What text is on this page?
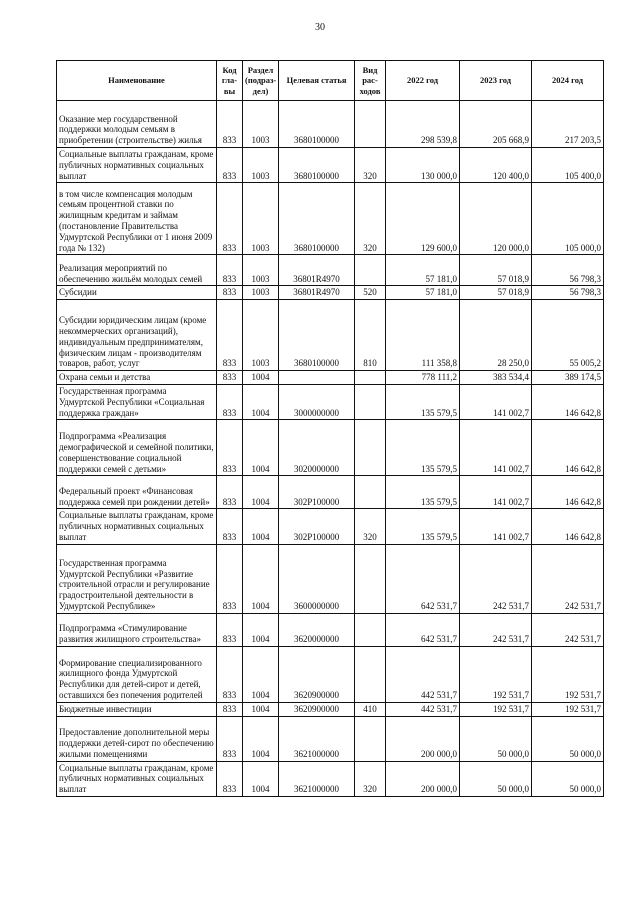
30
Наименование	Код гла-вы	Раздел (подраз-дел)	Целевая статья	Вид рас-ходов	2022 год	2023 год	2024 год
Оказание мер государственной поддержки молодым семьям в приобретении (строительстве) жилья	833	1003	3680100000		298 539,8	205 668,9	217 203,5
Социальные выплаты гражданам, кроме публичных нормативных социальных выплат	833	1003	3680100000	320	130 000,0	120 400,0	105 400,0
в том числе компенсация молодым семьям процентной ставки по жилищным кредитам и займам (постановление Правительства Удмуртской Республики от 1 июня 2009 года № 132)	833	1003	3680100000	320	129 600,0	120 000,0	105 000,0
Реализация мероприятий по обеспечению жильём молодых семей	833	1003	36801R4970		57 181,0	57 018,9	56 798,3
Субсидии	833	1003	36801R4970	520	57 181,0	57 018,9	56 798,3
Субсидии юридическим лицам (кроме некоммерческих организаций), индивидуальным предпринимателям, физическим лицам - производителям товаров, работ, услуг	833	1003	3680100000	810	111 358,8	28 250,0	55 005,2
Охрана семьи и детства	833	1004			778 111,2	383 534,4	389 174,5
Государственная программа Удмуртской Республики «Социальная поддержка граждан»	833	1004	3000000000		135 579,5	141 002,7	146 642,8
Подпрограмма «Реализация демографической и семейной политики, совершенствование социальной поддержки семей с детьми»	833	1004	3020000000		135 579,5	141 002,7	146 642,8
Федеральный проект «Финансовая поддержка семей при рождении детей»	833	1004	302P100000		135 579,5	141 002,7	146 642,8
Социальные выплаты гражданам, кроме публичных нормативных социальных выплат	833	1004	302P100000	320	135 579,5	141 002,7	146 642,8
Государственная программа Удмуртской Республики «Развитие строительной отрасли и регулирование градостроительной деятельности в Удмуртской Республике»	833	1004	3600000000		642 531,7	242 531,7	242 531,7
Подпрограмма «Стимулирование развития жилищного строительства»	833	1004	3620000000		642 531,7	242 531,7	242 531,7
Формирование специализированного жилищного фонда Удмуртской Республики для детей-сирот и детей, оставшихся без попечения родителей	833	1004	3620900000		442 531,7	192 531,7	192 531,7
Бюджетные инвестиции	833	1004	3620900000	410	442 531,7	192 531,7	192 531,7
Предоставление дополнительной меры поддержки детей-сирот по обеспечению жилыми помещениями	833	1004	3621000000		200 000,0	50 000,0	50 000,0
Социальные выплаты гражданам, кроме публичных нормативных социальных выплат	833	1004	3621000000	320	200 000,0	50 000,0	50 000,0
